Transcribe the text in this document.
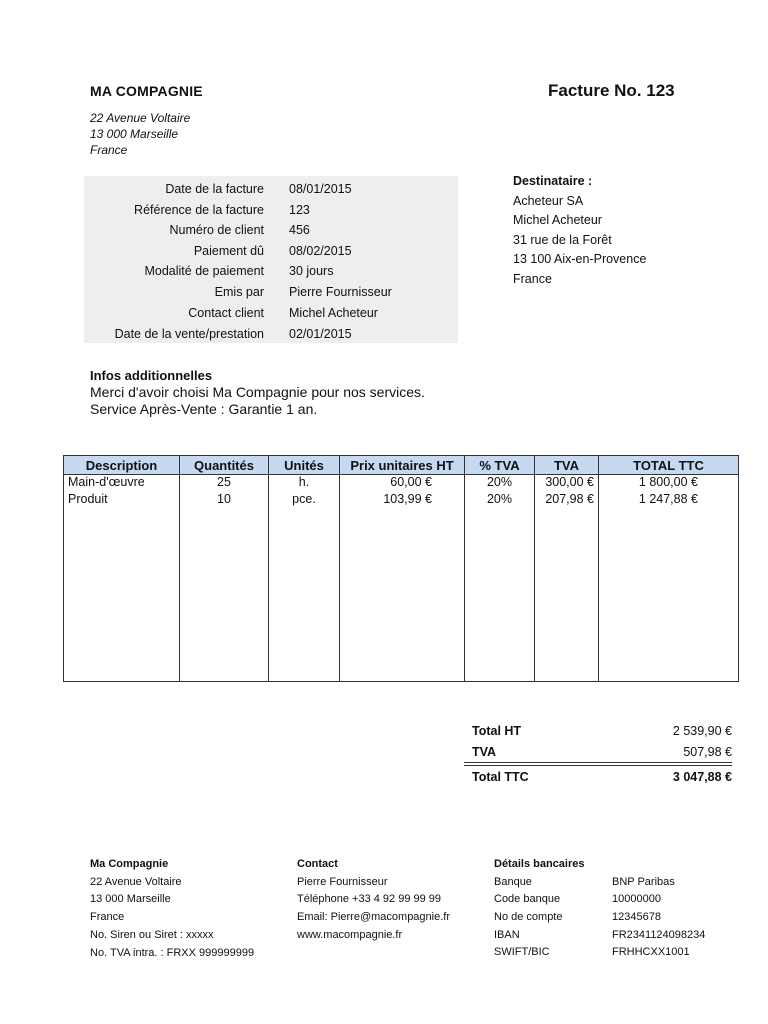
MA COMPAGNIE
22 Avenue Voltaire
13 000 Marseille
France
Facture No. 123
Date de la facture 08/01/2015
Référence de la facture 123
Numéro de client 456
Paiement dû 08/02/2015
Modalité de paiement 30 jours
Emis par Pierre Fournisseur
Contact client Michel Acheteur
Date de la vente/prestation 02/01/2015
Destinataire :
Acheteur SA
Michel Acheteur
31 rue de la Forêt
13 100 Aix-en-Provence
France
Infos additionnelles
Merci d'avoir choisi Ma Compagnie pour nos services.
Service Après-Vente : Garantie 1 an.
Description	Quantités	Unités	Prix unitaires HT	% TVA	TVA	TOTAL TTC
Main-d'œuvre	25	h.	60,00 €	20%	300,00 €	1 800,00 €
Produit	10	pce.	103,99 €	20%	207,98 €	1 247,88 €

Total HT	2 539,90 €
TVA	507,98 €
Total TTC	3 047,88 €
Ma Compagnie
22 Avenue Voltaire
13 000 Marseille
France
No. Siren ou Siret : xxxxx
No. TVA intra. : FRXX 999999999
Contact
Pierre Fournisseur
Téléphone +33 4 92 99 99 99
Email: Pierre@macompagnie.fr
www.macompagnie.fr
Détails bancaires
Banque	BNP Paribas
Code banque	10000000
No de compte	12345678
IBAN	FR2341124098234
SWIFT/BIC	FRHHCXX1001
